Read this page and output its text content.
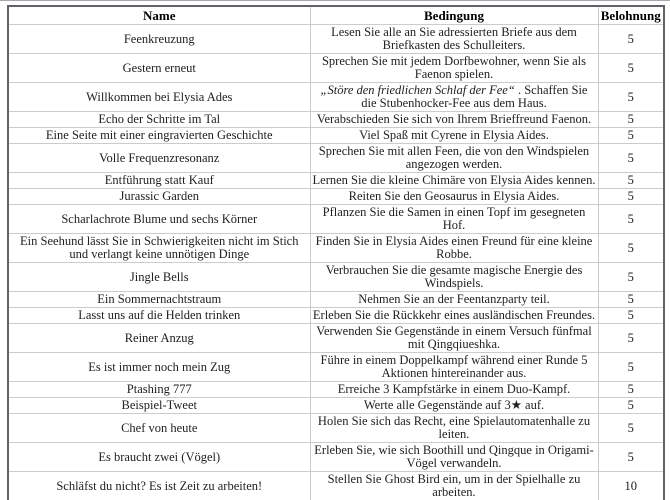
Name	Bedingung	Belohnung
Feenkreuzung	Lesen Sie alle an Sie adressierten Briefe aus dem Briefkasten des Schulleiters.	5
Gestern erneut	Sprechen Sie mit jedem Dorfbewohner, wenn Sie als Faenon spielen.	5
Willkommen bei Elysia Ades	„Störe den friedlichen Schlaf der Fee“ . Schaffen Sie die Stubenhocker-Fee aus dem Haus.	5
Echo der Schritte im Tal	Verabschieden Sie sich von Ihrem Brieffreund Faenon.	5
Eine Seite mit einer eingravierten Geschichte	Viel Spaß mit Cyrene in Elysia Aides.	5
Volle Frequenzresonanz	Sprechen Sie mit allen Feen, die von den Windspielen angezogen werden.	5
Entführung statt Kauf	Lernen Sie die kleine Chimäre von Elysia Aides kennen.	5
Jurassic Garden	Reiten Sie den Geosaurus in Elysia Aides.	5
Scharlachrote Blume und sechs Körner	Pflanzen Sie die Samen in einen Topf im gesegneten Hof.	5
Ein Seehund lässt Sie in Schwierigkeiten nicht im Stich und verlangt keine unnötigen Dinge	Finden Sie in Elysia Aides einen Freund für eine kleine Robbe.	5
Jingle Bells	Verbrauchen Sie die gesamte magische Energie des Windspiels.	5
Ein Sommernachtstraum	Nehmen Sie an der Feentanzparty teil.	5
Lasst uns auf die Helden trinken	Erleben Sie die Rückkehr eines ausländischen Freundes.	5
Reiner Anzug	Verwenden Sie Gegenstände in einem Versuch fünfmal mit Qingqiueshka.	5
Es ist immer noch mein Zug	Führe in einem Doppelkampf während einer Runde 5 Aktionen hintereinander aus.	5
Ptashing 777	Erreiche 3 Kampfstärke in einem Duo-Kampf.	5
Beispiel-Tweet	Werte alle Gegenstände auf 3★ auf.	5
Chef von heute	Holen Sie sich das Recht, eine Spielautomatenhalle zu leiten.	5
Es braucht zwei (Vögel)	Erleben Sie, wie sich Boothill und Qingque in Origami-Vögel verwandeln.	5
Schläfst du nicht? Es ist Zeit zu arbeiten!	Stellen Sie Ghost Bird ein, um in der Spielhalle zu arbeiten.	10
